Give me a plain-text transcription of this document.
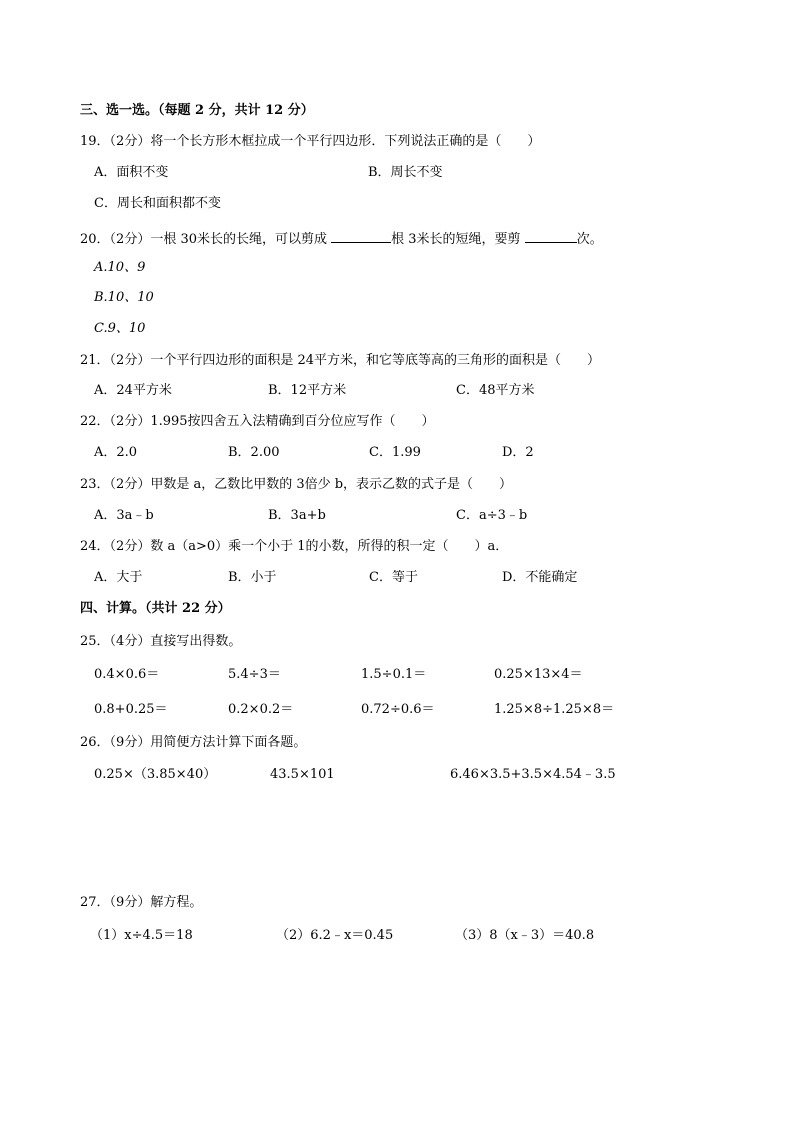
三、选一选。（每题 2 分，共计 12 分）
19．（2分）将一个长方形木框拉成一个平行四边形．下列说法正确的是（　　）
A．面积不变	B．周长不变
C．周长和面积都不变
20．（2分）一根 30米长的长绳，可以剪成	根 3米长的短绳，要剪	次。
A.10、9
B.10、10
C.9、10
21．（2分）一个平行四边形的面积是 24平方米，和它等底等高的三角形的面积是（　　）
A．24平方米	B．12平方米	C．48平方米
22．（2分）1.995按四舍五入法精确到百分位应写作（　　）
A．2.0	B．2.00	C．1.99	D．2
23．（2分）甲数是 a，乙数比甲数的 3倍少 b，表示乙数的式子是（　　）
A．3a﹣b	B．3a+b	C．a÷3﹣b
24．（2分）数 a（a>0）乘一个小于 1的小数，所得的积一定（　　）a．
A．大于	B．小于	C．等于	D．不能确定
四、计算。（共计 22 分）
25．（4分）直接写出得数。
0.4×0.6＝	5.4÷3＝	1.5÷0.1＝	0.25×13×4＝
0.8+0.25＝	0.2×0.2＝	0.72÷0.6＝	1.25×8÷1.25×8＝
26．（9分）用简便方法计算下面各题。
0.25×（3.85×40）	43.5×101	6.46×3.5+3.5×4.54﹣3.5
27．（9分）解方程。
（1）x÷4.5＝18	（2）6.2﹣x＝0.45	（3）8（x﹣3）＝40.8
